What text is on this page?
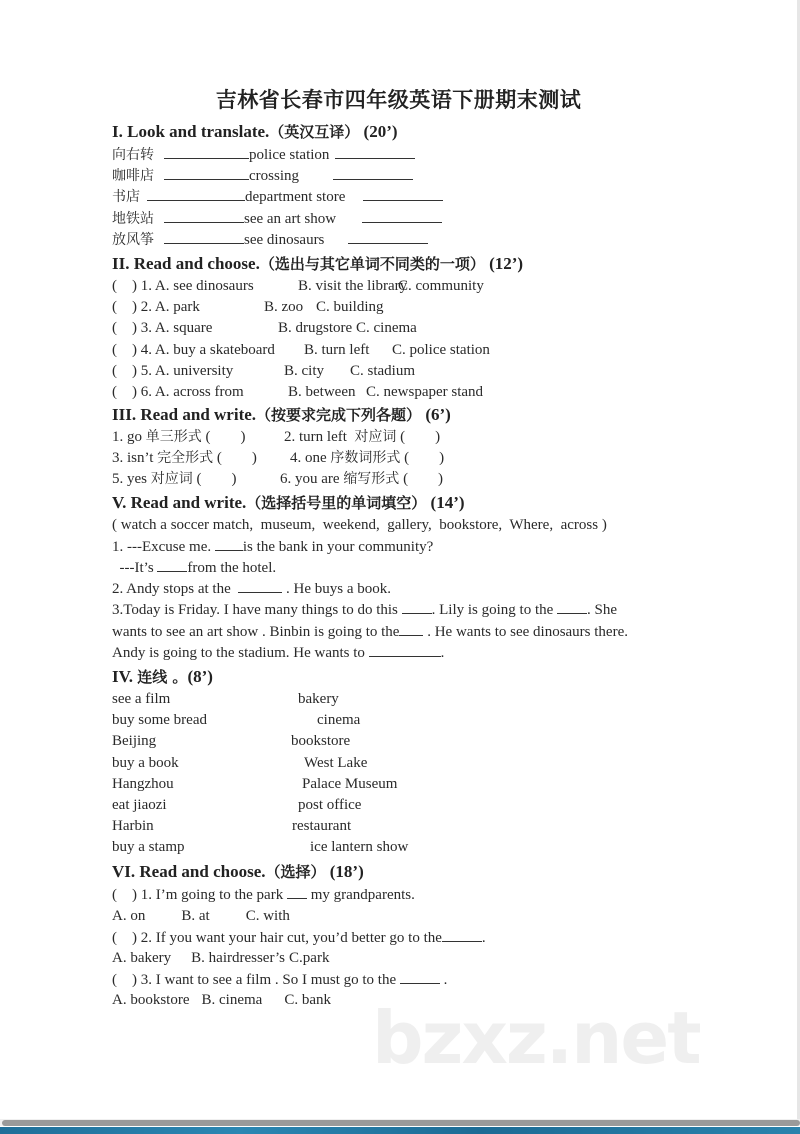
吉林省长春市四年级英语下册期末测试
I. Look and translate.（英汉互译） (20’)
向右转	police station
咖啡店	crossing
书店	department store
地铁站	see an art show
放风筝	see dinosaurs
II. Read and choose.（选出与其它单词不同类的一项） (12’)
(    ) 1. A. see dinosaurs	B. visit the libraryC. community
(    ) 2. A. park	B. zoo C. building
(    ) 3. A. square	B. drugstore C. cinema
(    ) 4. A. buy a skateboard B. turn left C. police station
(    ) 5. A. university	B. city C. stadium
(    ) 6. A. across from	B. between C. newspaper stand
III. Read and write.（按要求完成下列各题） (6’)
1. go 单三形式 (        )	2. turn left  对应词 (        )
3. isn’t 完全形式 (        ) 4. one 序数词形式 (        )
5. yes 对应词 (        )	6. you are 缩写形式 (        )
V. Read and write.（选择括号里的单词填空） (14’)
( watch a soccer match,  museum,  weekend,  gallery,  bookstore,  Where,  across )
1. ---Excuse me. is the bank in your community?
---It’s from the hotel.
2. Andy stops at the	. He buys a book.
3.Today is Friday. I have many things to do this . Lily is going to the . She
wants to see an art show . Binbin is going to the . He wants to see dinosaurs there.
Andy is going to the stadium. He wants to	.
IV. 连线 。(8’)
see a film	bakery
buy some bread	cinema
Beijing	bookstore
buy a book	West Lake
Hangzhou	Palace Museum
eat jiaozi	post office
Harbin	restaurant
buy a stamp	ice lantern show
VI. Read and choose.（选择） (18’)
(    ) 1. I’m going to the park  my grandparents.
A. on B. at C. with
(    ) 2. If you want your hair cut, you’d better go to the	.
A. bakery B. hairdresser’s C.park
(    ) 3. I want to see a film . So I must go to the	.
A. bookstore B. cinema C. bank bzxz.net
